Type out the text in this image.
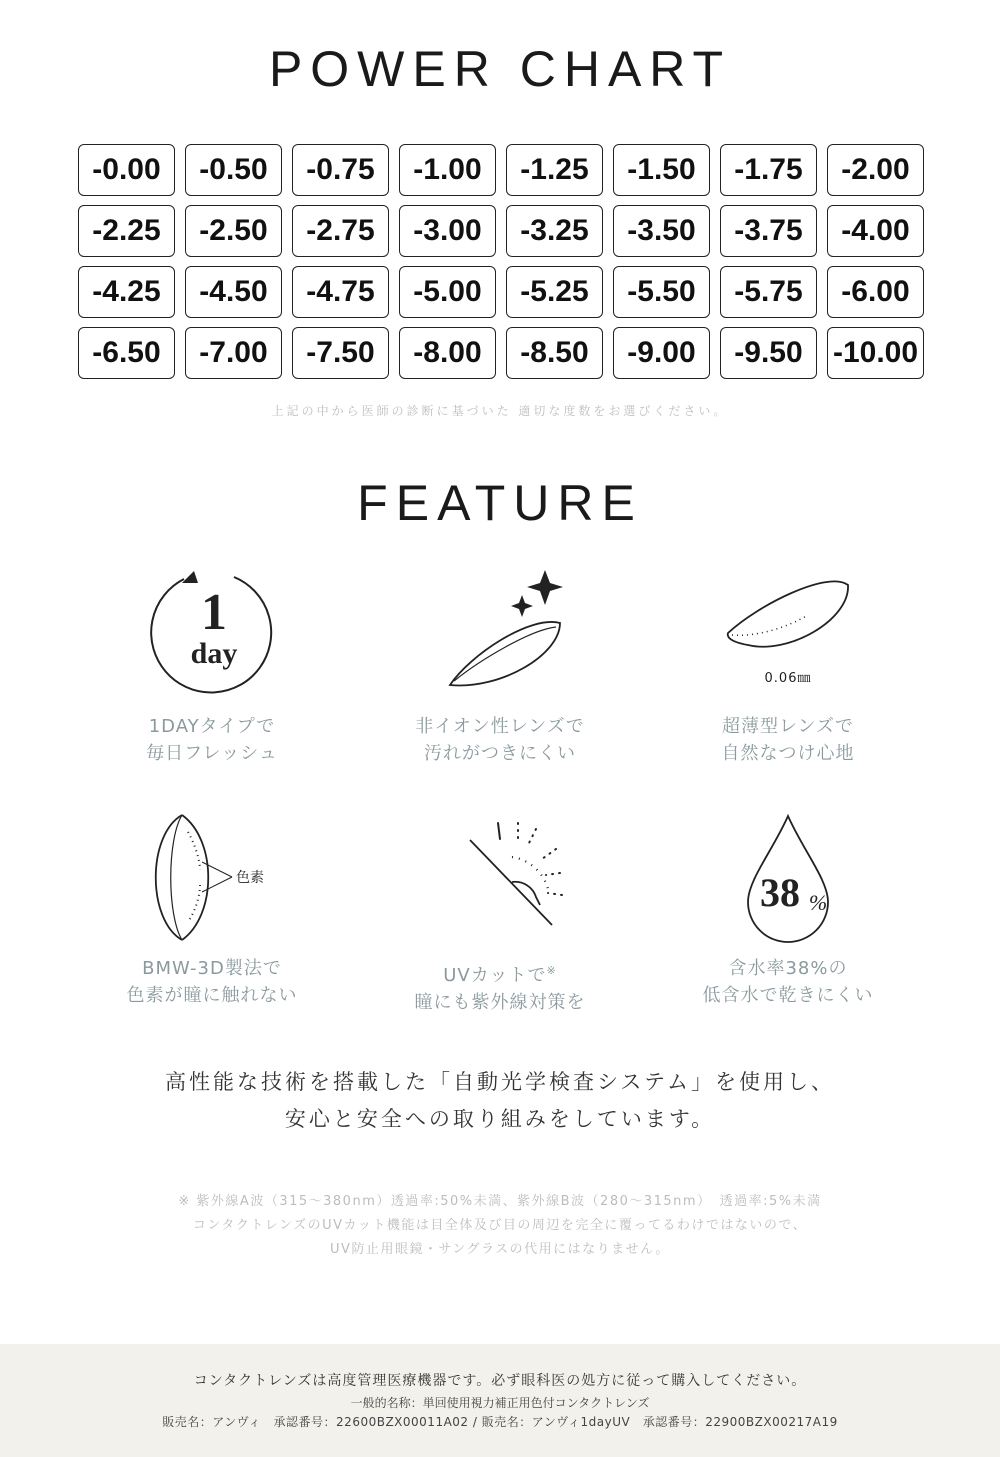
POWER CHART
-0.00	-0.50	-0.75	-1.00	-1.25	-1.50	-1.75	-2.00
-2.25	-2.50	-2.75	-3.00	-3.25	-3.50	-3.75	-4.00
-4.25	-4.50	-4.75	-5.00	-5.25	-5.50	-5.75	-6.00
-6.50	-7.00	-7.50	-8.00	-8.50	-9.00	-9.50	-10.00
上記の中から医師の診断に基づいた 適切な度数をお選びください。
FEATURE
1
day
1DAYタイプで
毎日フレッシュ
非イオン性レンズで
汚れがつきにくい
0.06㎜
超薄型レンズで
自然なつけ心地
色素
BMW-3D製法で
色素が瞳に触れない
UVカットで※
瞳にも紫外線対策を
38 %
含水率38%の
低含水で乾きにくい
高性能な技術を搭載した「自動光学検査システム」を使用し、
安心と安全への取り組みをしています。
※ 紫外線A波（315〜380nm）透過率:50%未満、紫外線B波（280〜315nm）　透過率:5%未満
コンタクトレンズのUVカット機能は目全体及び目の周辺を完全に覆ってるわけではないので、
UV防止用眼鏡・サングラスの代用にはなりません。
コンタクトレンズは高度管理医療機器です。必ず眼科医の処方に従って購入してください。
一般的名称：単回使用視力補正用色付コンタクトレンズ
販売名：アンヴィ　承認番号：22600BZX00011A02 / 販売名：アンヴィ1dayUV　承認番号：22900BZX00217A19
